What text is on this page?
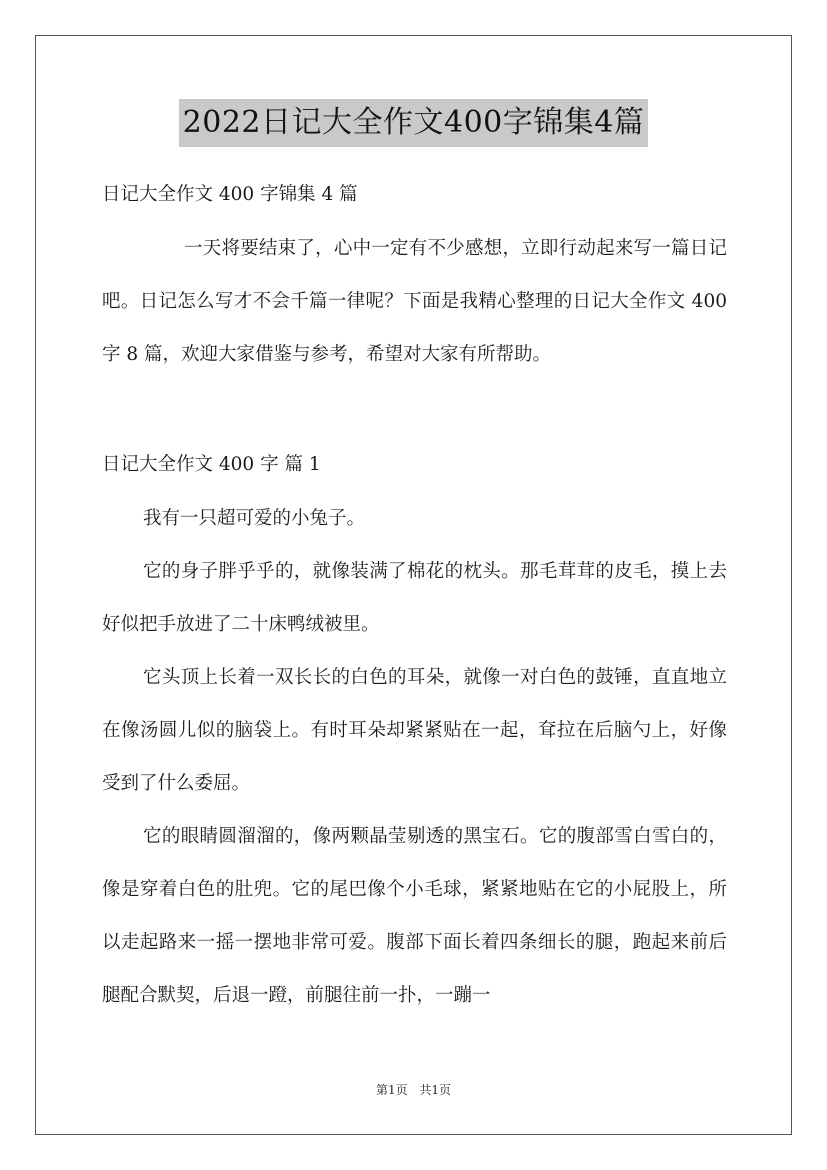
2022日记大全作文400字锦集4篇
日记大全作文 400 字锦集 4 篇
一天将要结束了，心中一定有不少感想，立即行动起来写一篇日记吧。日记怎么写才不会千篇一律呢？下面是我精心整理的日记大全作文 400 字 8 篇，欢迎大家借鉴与参考，希望对大家有所帮助。
日记大全作文 400 字 篇 1

我有一只超可爱的小兔子。

它的身子胖乎乎的，就像装满了棉花的枕头。那毛茸茸的皮毛，摸上去好似把手放进了二十床鸭绒被里。

它头顶上长着一双长长的白色的耳朵，就像一对白色的鼓锤，直直地立在像汤圆儿似的脑袋上。有时耳朵却紧紧贴在一起，耷拉在后脑勺上，好像受到了什么委屈。

它的眼睛圆溜溜的，像两颗晶莹剔透的黑宝石。它的腹部雪白雪白的，像是穿着白色的肚兜。它的尾巴像个小毛球，紧紧地贴在它的小屁股上，所以走起路来一摇一摆地非常可爱。腹部下面长着四条细长的腿，跑起来前后腿配合默契，后退一蹬，前腿往前一扑，一蹦一

第1页 共1页
